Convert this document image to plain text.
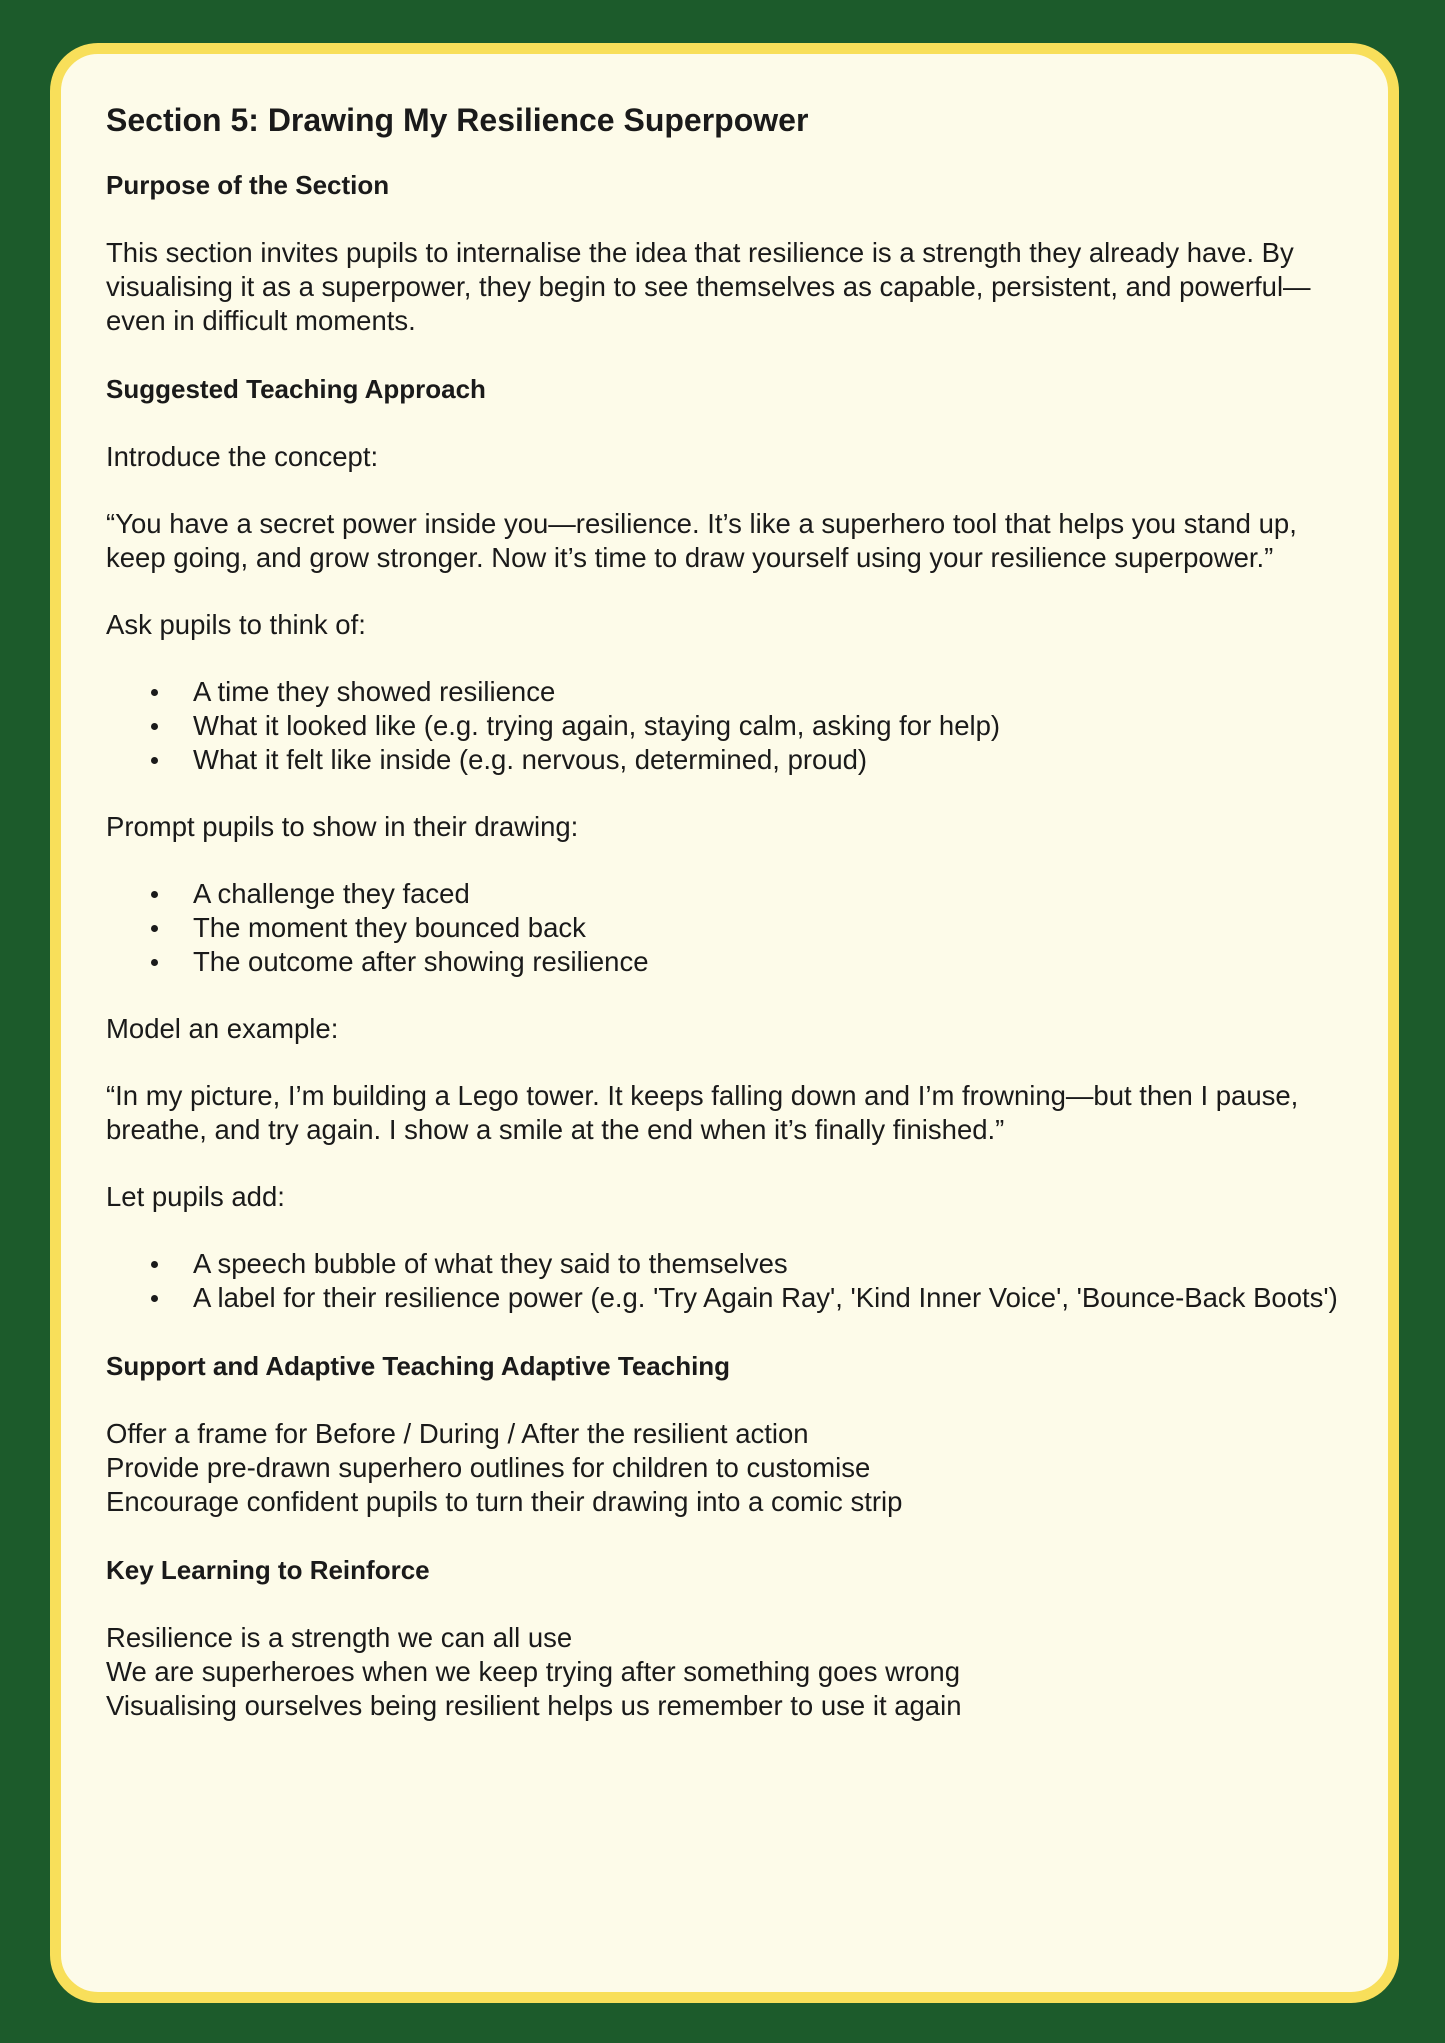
Section 5: Drawing My Resilience Superpower
Purpose of the Section

This section invites pupils to internalise the idea that resilience is a strength they already have. By visualising it as a superpower, they begin to see themselves as capable, persistent, and powerful—even in difficult moments.

Suggested Teaching Approach

Introduce the concept:

“You have a secret power inside you—resilience. It’s like a superhero tool that helps you stand up, keep going, and grow stronger. Now it’s time to draw yourself using your resilience superpower.”

Ask pupils to think of:

A time they showed resilience
What it looked like (e.g. trying again, staying calm, asking for help)
What it felt like inside (e.g. nervous, determined, proud)

Prompt pupils to show in their drawing:

A challenge they faced
The moment they bounced back
The outcome after showing resilience

Model an example:

“In my picture, I’m building a Lego tower. It keeps falling down and I’m frowning—but then I pause, breathe, and try again. I show a smile at the end when it’s finally finished.”

Let pupils add:

A speech bubble of what they said to themselves
A label for their resilience power (e.g. 'Try Again Ray', 'Kind Inner Voice', 'Bounce-Back Boots')
Support and Adaptive Teaching Adaptive Teaching
Offer a frame for Before / During / After the resilient action
Provide pre-drawn superhero outlines for children to customise
Encourage confident pupils to turn their drawing into a comic strip
Key Learning to Reinforce
Resilience is a strength we can all use
We are superheroes when we keep trying after something goes wrong
Visualising ourselves being resilient helps us remember to use it again
